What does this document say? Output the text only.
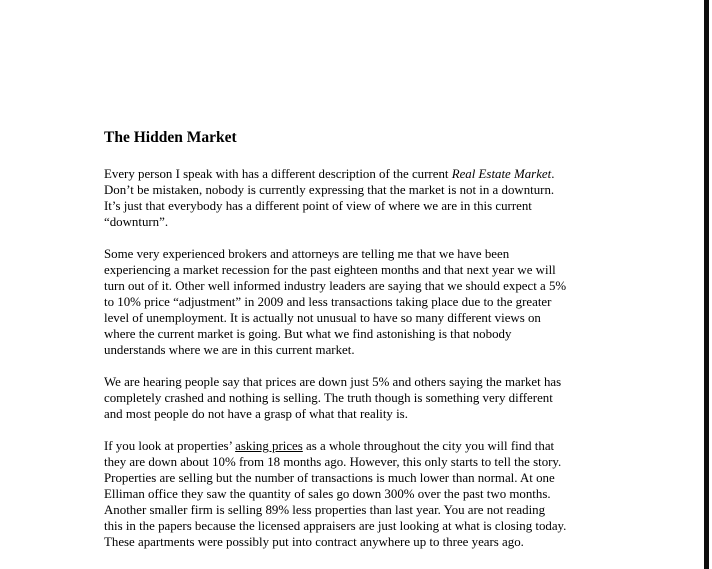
The Hidden Market
Every person I speak with has a different description of the current Real Estate Market.
Don’t be mistaken, nobody is currently expressing that the market is not in a downturn.
It’s just that everybody has a different point of view of where we are in this current
“downturn”.
Some very experienced brokers and attorneys are telling me that we have been
experiencing a market recession for the past eighteen months and that next year we will
turn out of it. Other well informed industry leaders are saying that we should expect a 5%
to 10% price “adjustment” in 2009 and less transactions taking place due to the greater
level of unemployment. It is actually not unusual to have so many different views on
where the current market is going. But what we find astonishing is that nobody
understands where we are in this current market.
We are hearing people say that prices are down just 5% and others saying the market has
completely crashed and nothing is selling. The truth though is something very different
and most people do not have a grasp of what that reality is.
If you look at properties’ asking prices as a whole throughout the city you will find that
they are down about 10% from 18 months ago. However, this only starts to tell the story.
Properties are selling but the number of transactions is much lower than normal. At one
Elliman office they saw the quantity of sales go down 300% over the past two months.
Another smaller firm is selling 89% less properties than last year. You are not reading
this in the papers because the licensed appraisers are just looking at what is closing today.
These apartments were possibly put into contract anywhere up to three years ago.
